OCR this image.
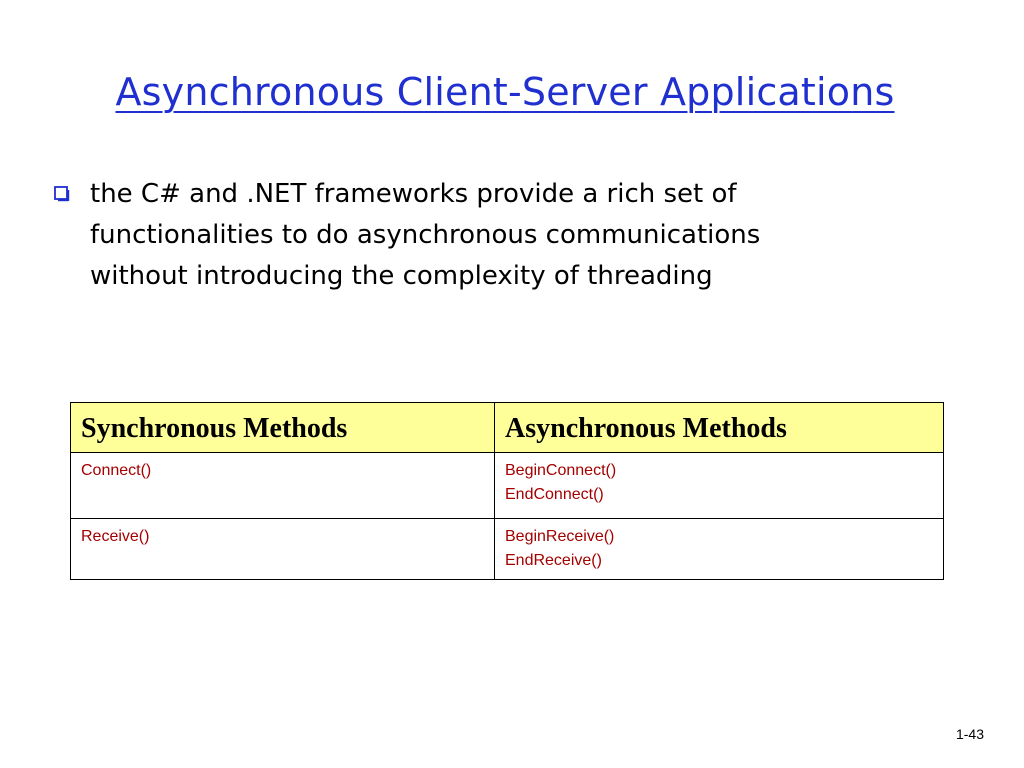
Asynchronous Client-Server Applications
the C# and .NET frameworks provide a rich set of
functionalities to do asynchronous communications
without introducing the complexity of threading
Synchronous Methods	Asynchronous Methods

Connect()	BeginConnect()
EndConnect()

Receive()	BeginReceive()
EndReceive()
1-43
